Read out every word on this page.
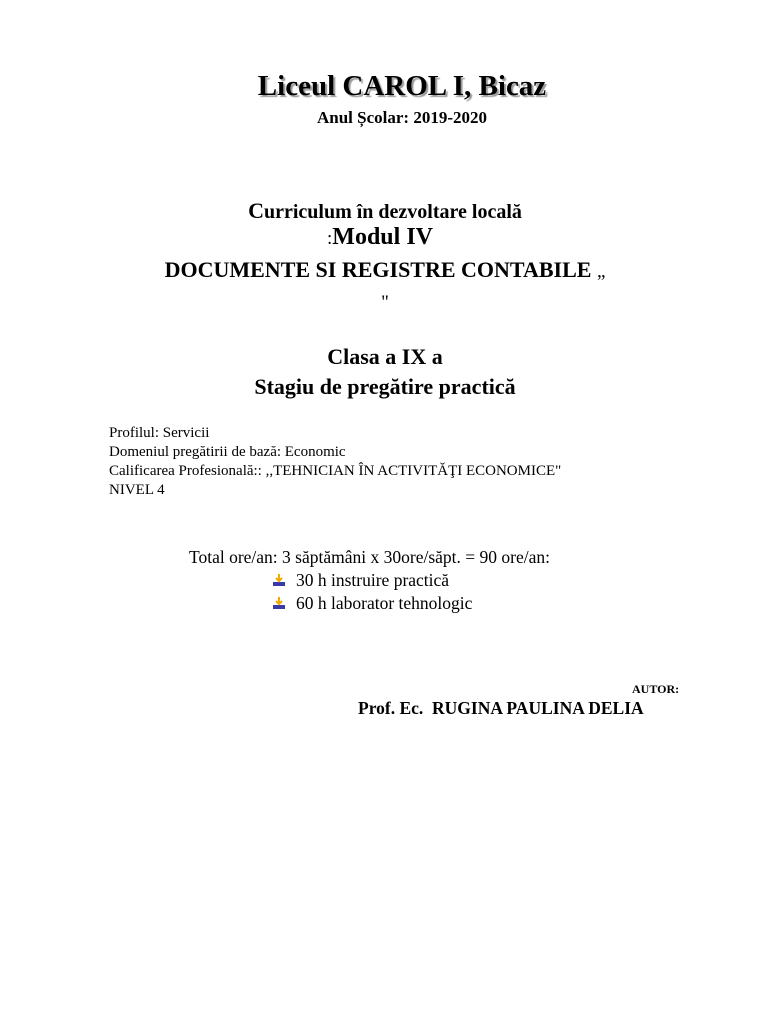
Liceul CAROL I, Bicaz
Anul Școlar: 2019-2020
Curriculum în dezvoltare locală
:Modul IV
DOCUMENTE SI REGISTRE CONTABILE „
"
Clasa a IX a
Stagiu de pregătire practică
Profilul: Servicii
Domeniul pregătirii de bază: Economic
Calificarea Profesională:: ,,TEHNICIAN ÎN ACTIVITĂŢI ECONOMICE"
NIVEL 4
Total ore/an: 3 săptămâni x 30ore/săpt. = 90 ore/an:
30 h instruire practică
60 h laborator tehnologic
AUTOR:
Prof. Ec.  RUGINA PAULINA DELIA
